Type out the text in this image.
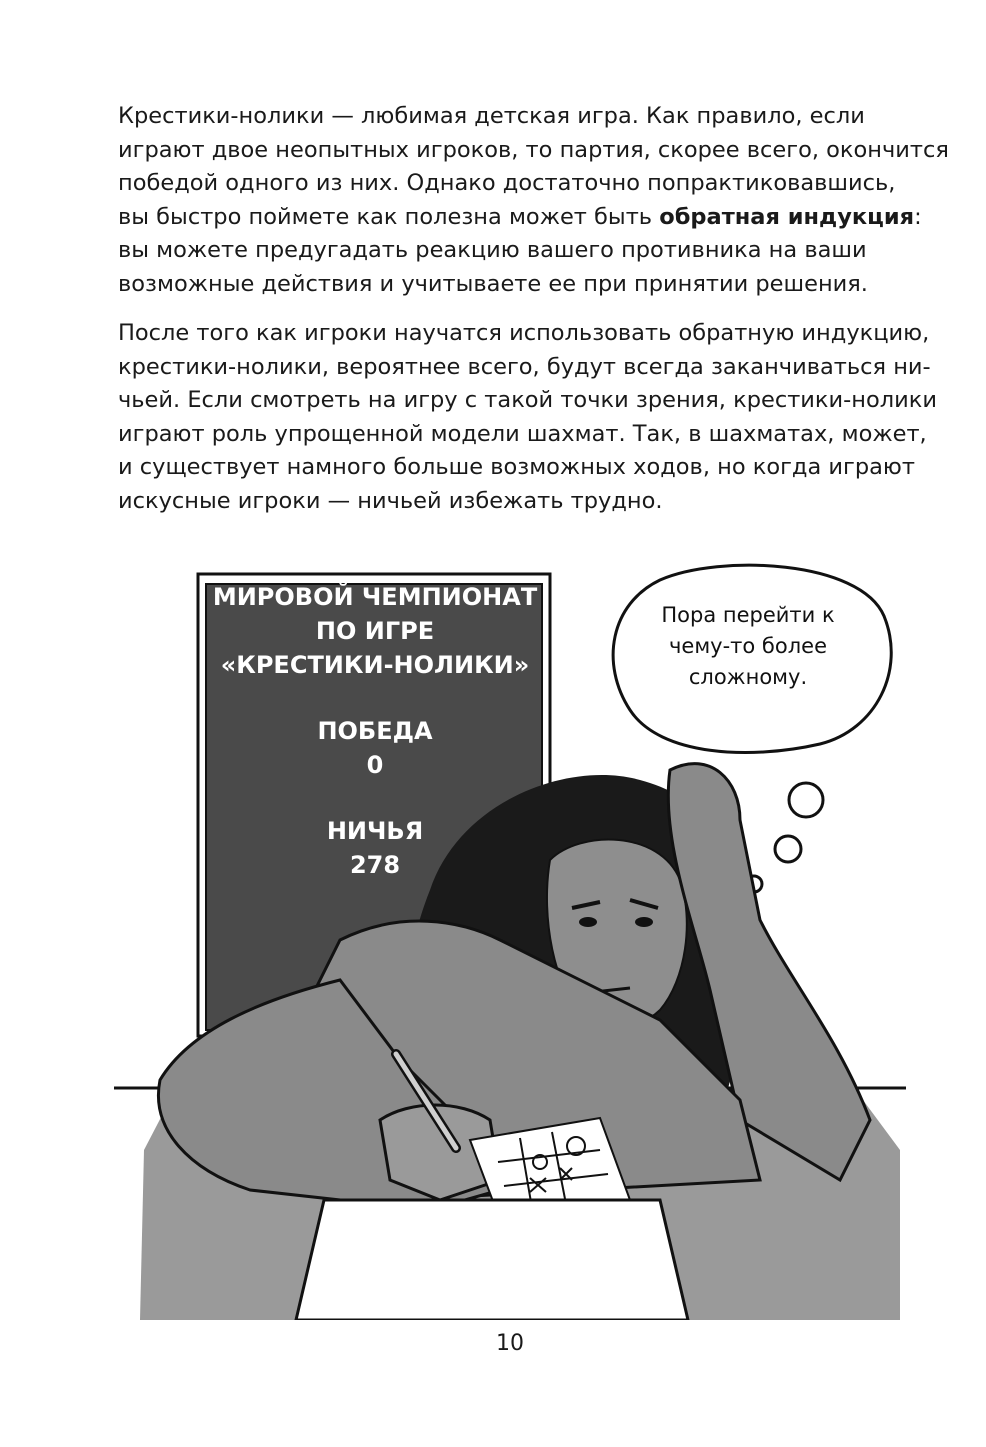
Крестики-нолики — любимая детская игра. Как правило, если

играют двое неопытных игроков, то партия, скорее всего, окончится

победой одного из них. Однако достаточно попрактиковавшись,

вы быстро поймете как полезна может быть обратная индукция:

вы можете предугадать реакцию вашего противника на ваши

возможные действия и учитываете ее при принятии решения.

После того как игроки научатся использовать обратную индукцию,

крестики-нолики, вероятнее всего, будут всегда заканчиваться ни-

чьей. Если смотреть на игру с такой точки зрения, крестики-нолики

играют роль упрощенной модели шахмат. Так, в шахматах, может,

и существует намного больше возможных ходов, но когда играют

искусные игроки — ничьей избежать трудно.

МИРОВОЙ ЧЕМПИОНАТ
ПО ИГРЕ
«КРЕСТИКИ-НОЛИКИ»
ПОБЕДА
0
НИЧЬЯ
278
Пора перейти к
чему-то более
сложному.
10
